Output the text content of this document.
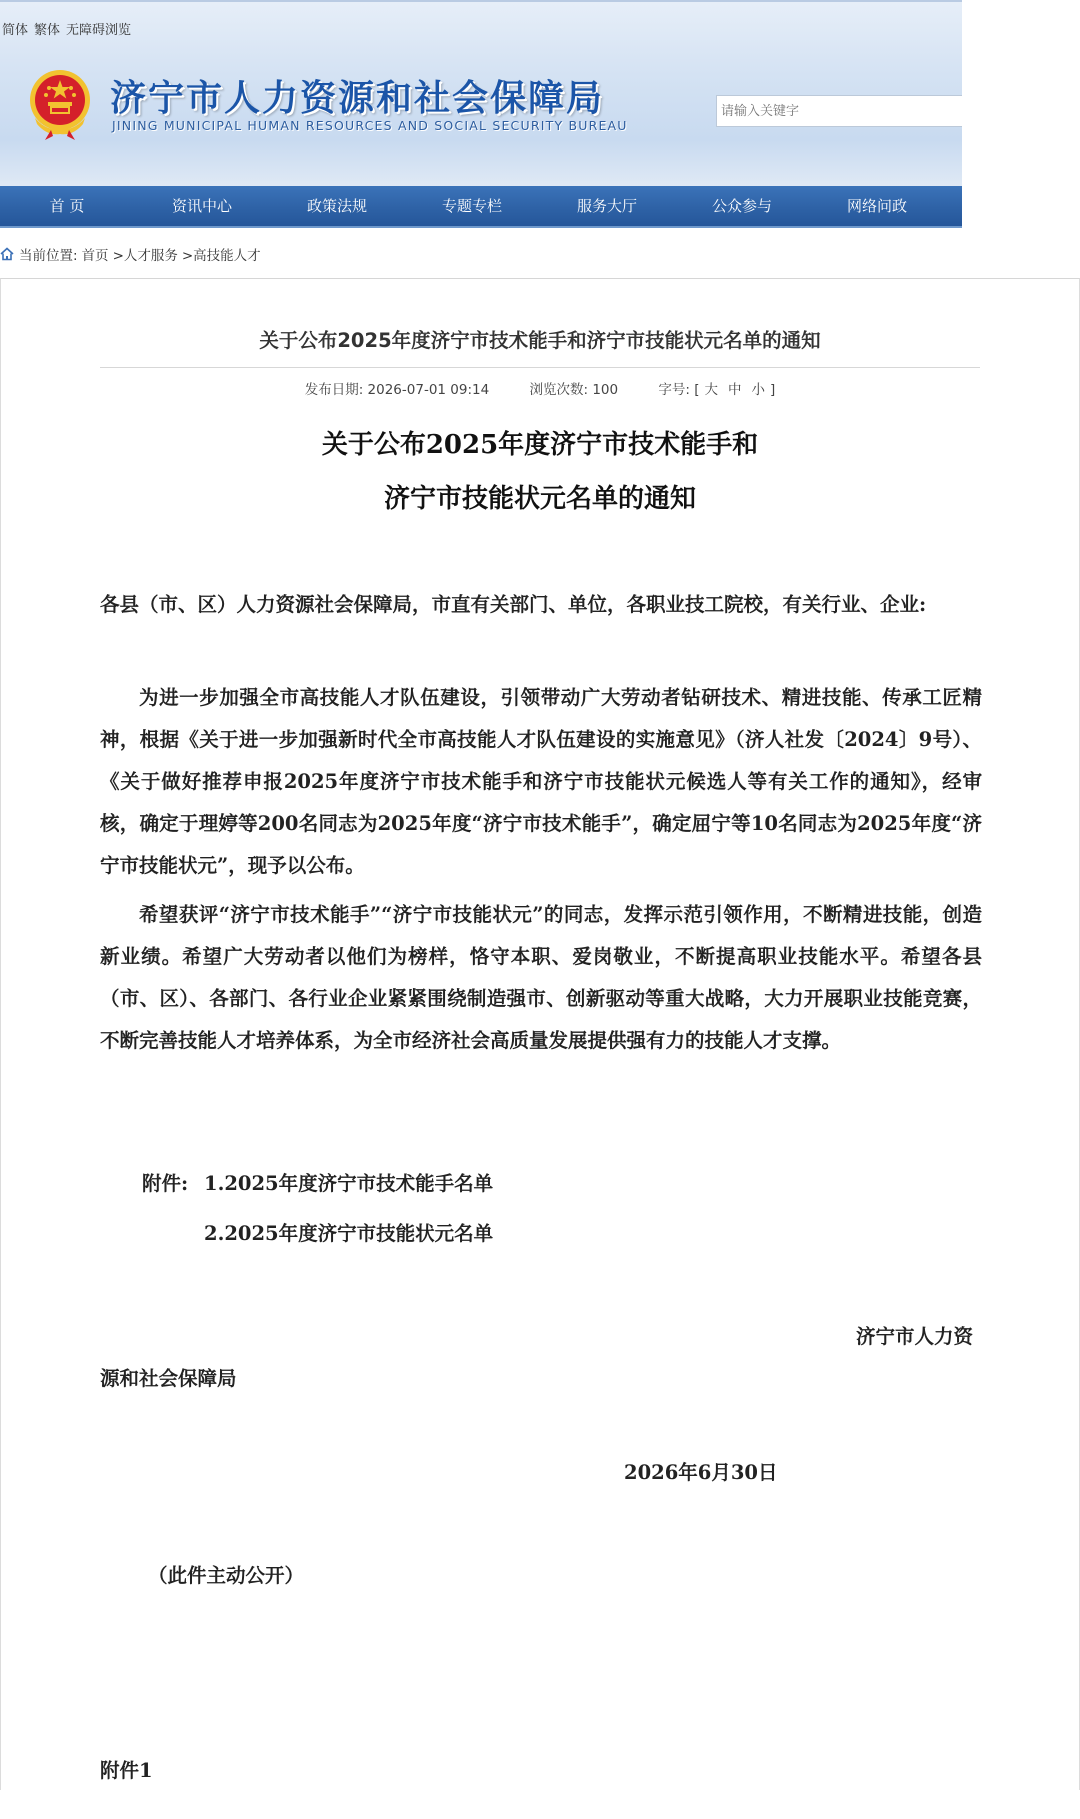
简体 繁体 无障碍浏览
济宁市人力资源和社会保障局
JINING MUNICIPAL HUMAN RESOURCES AND SOCIAL SECURITY BUREAU
请输入关键字
首 页	资讯中心	政策法规	专题专栏	服务大厅	公众参与	网络问政
当前位置: 首页 >人才服务 >高技能人才
关于公布2025年度济宁市技术能手和济宁市技能状元名单的通知
发布日期: 2026-07-01 09:14	浏览次数: 100	字号: [ 大 中 小 ]
关于公布2025年度济宁市技术能手和
济宁市技能状元名单的通知
各县（市、区）人力资源社会保障局，市直有关部门、单位，各职业技工院校，有关行业、企业:
为进一步加强全市高技能人才队伍建设，引领带动广大劳动者钻研技术、精进技能、传承工匠精神，根据《关于进一步加强新时代全市高技能人才队伍建设的实施意见》（济人社发〔2024〕9号）、《关于做好推荐申报2025年度济宁市技术能手和济宁市技能状元候选人等有关工作的通知》，经审核，确定于理婷等200名同志为2025年度“济宁市技术能手”，确定屈宁等10名同志为2025年度“济宁市技能状元”，现予以公布。
希望获评“济宁市技术能手”“济宁市技能状元”的同志，发挥示范引领作用，不断精进技能，创造新业绩。希望广大劳动者以他们为榜样，恪守本职、爱岗敬业，不断提高职业技能水平。希望各县（市、区）、各部门、各行业企业紧紧围绕制造强市、创新驱动等重大战略，大力开展职业技能竞赛，不断完善技能人才培养体系，为全市经济社会高质量发展提供强有力的技能人才支撑。
附件: 1.2025年度济宁市技术能手名单
2.2025年度济宁市技能状元名单
济宁市人力资
源和社会保障局
2026年6月30日
（此件主动公开）
附件1
